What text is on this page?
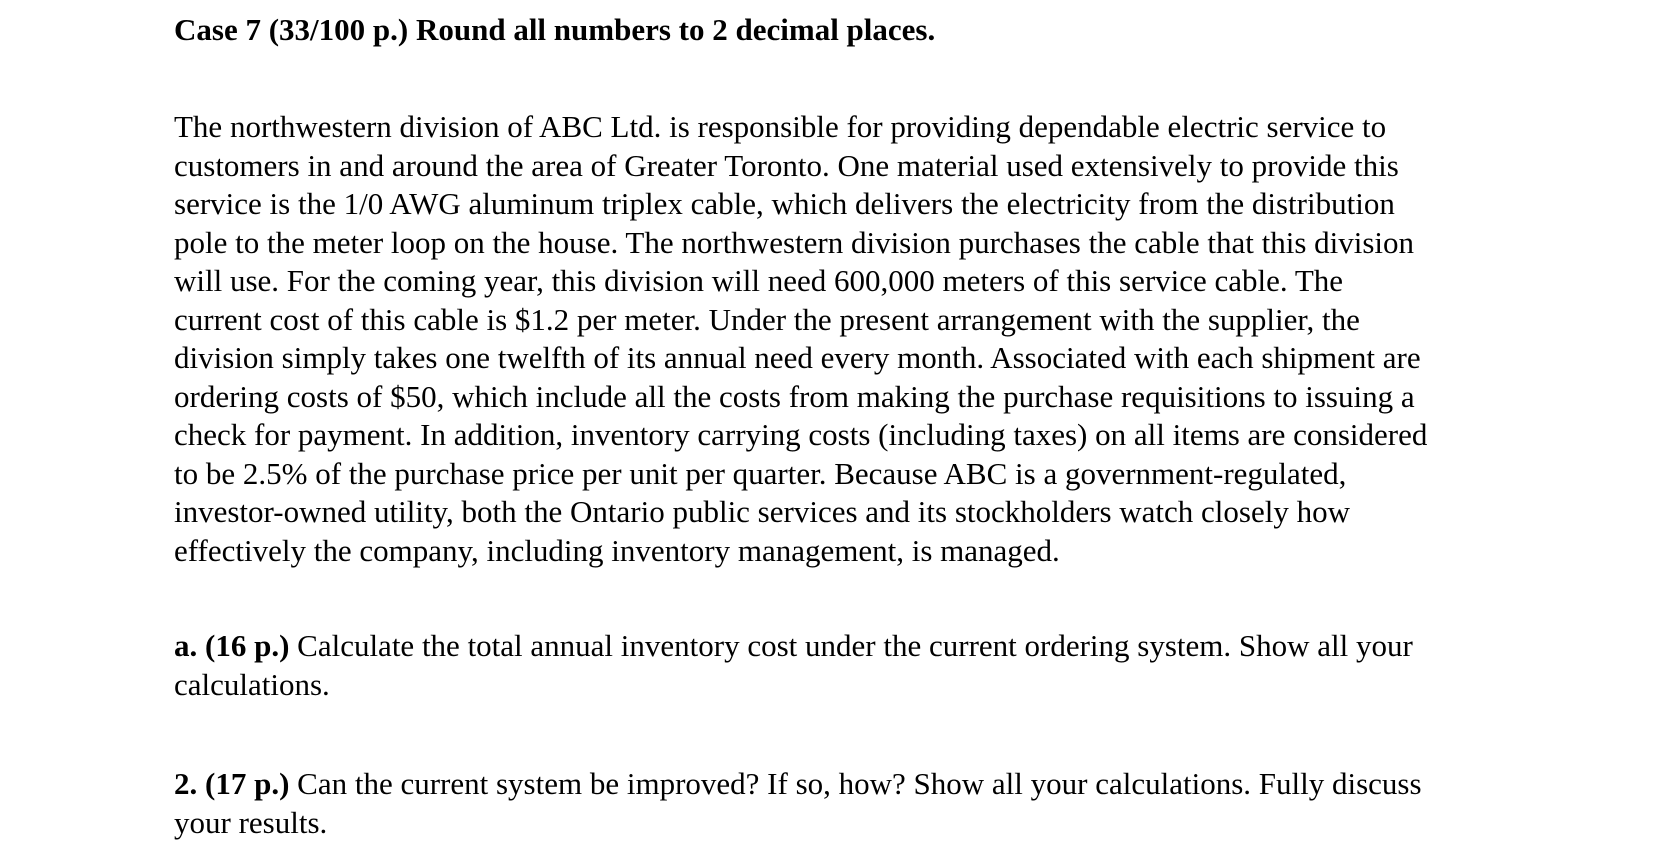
Case 7 (33/100 p.) Round all numbers to 2 decimal places.
The northwestern division of ABC Ltd. is responsible for providing dependable electric service to
customers in and around the area of Greater Toronto. One material used extensively to provide this
service is the 1/0 AWG aluminum triplex cable, which delivers the electricity from the distribution
pole to the meter loop on the house. The northwestern division purchases the cable that this division
will use. For the coming year, this division will need 600,000 meters of this service cable. The
current cost of this cable is $1.2 per meter. Under the present arrangement with the supplier, the
division simply takes one twelfth of its annual need every month. Associated with each shipment are
ordering costs of $50, which include all the costs from making the purchase requisitions to issuing a
check for payment. In addition, inventory carrying costs (including taxes) on all items are considered
to be 2.5% of the purchase price per unit per quarter. Because ABC is a government-regulated,
investor-owned utility, both the Ontario public services and its stockholders watch closely how
effectively the company, including inventory management, is managed.
a. (16 p.) Calculate the total annual inventory cost under the current ordering system. Show all your
calculations.
2. (17 p.) Can the current system be improved? If so, how? Show all your calculations. Fully discuss
your results.
